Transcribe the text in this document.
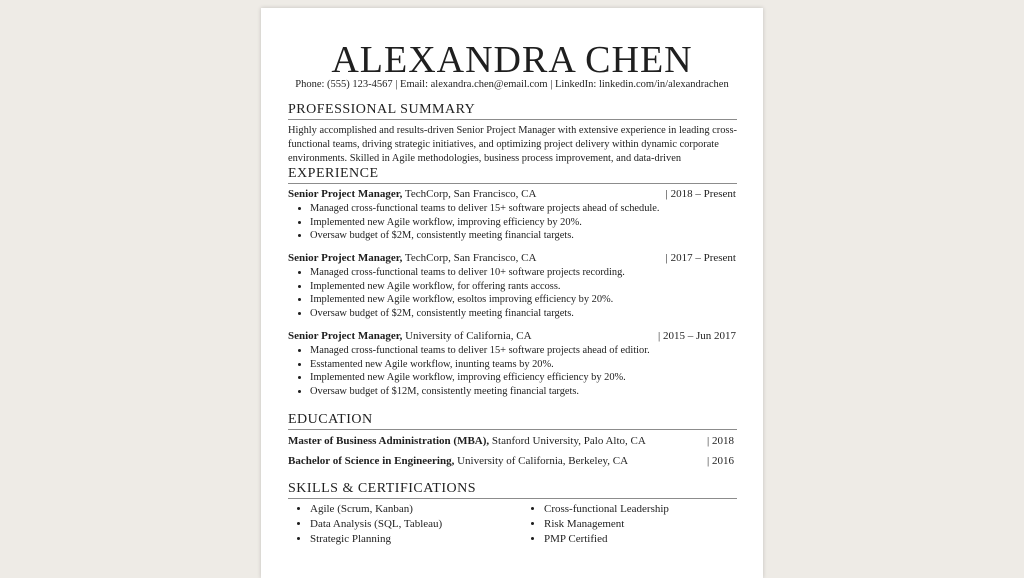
ALEXANDRA CHEN
Phone: (555) 123-4567 | Email: alexandra.chen@email.com | LinkedIn: linkedin.com/in/alexandrachen
PROFESSIONAL SUMMARY

Highly accomplished and results-driven Senior Project Manager with extensive experience in leading cross-functional teams, driving strategic initiatives, and optimizing project delivery within dynamic corporate environments. Skilled in Agile methodologies, business process improvement, and data-driven

EXPERIENCE
Senior Project Manager, TechCorp, San Francisco, CA	| 2018 – Present
• Managed cross-functional teams to deliver 15+ software projects ahead of schedule.
• Implemented new Agile workflow, improving efficiency by 20%.
• Oversaw budget of $2M, consistently meeting financial targets.
Senior Project Manager, TechCorp, San Francisco, CA	| 2017 – Present
• Managed cross-functional teams to deliver 10+ software projects recording.
• Implemented new Agile workflow, for offering rants accoss.
• Implemented new Agile workflow, esoltos improving efficiency by 20%.
• Oversaw budget of $2M, consistently meeting financial targets.
Senior Project Manager, University of California, CA	| 2015 – Jun 2017
• Managed cross-functional teams to deliver 15+ software projects ahead of editior.
• Esstamented new Agile workflow, inunting teams by 20%.
• Implemented new Agile workflow, improving efficiency efficiency by 20%.
• Oversaw budget of $12M, consistently meeting financial targets.
EDUCATION
Master of Business Administration (MBA), Stanford University, Palo Alto, CA	| 2018
Bachelor of Science in Engineering, University of California, Berkeley, CA	| 2016
SKILLS & CERTIFICATIONS
• Agile (Scrum, Kanban)
• Data Analysis (SQL, Tableau)
• Strategic Planning
• Cross-functional Leadership
• Risk Management
• PMP Certified
